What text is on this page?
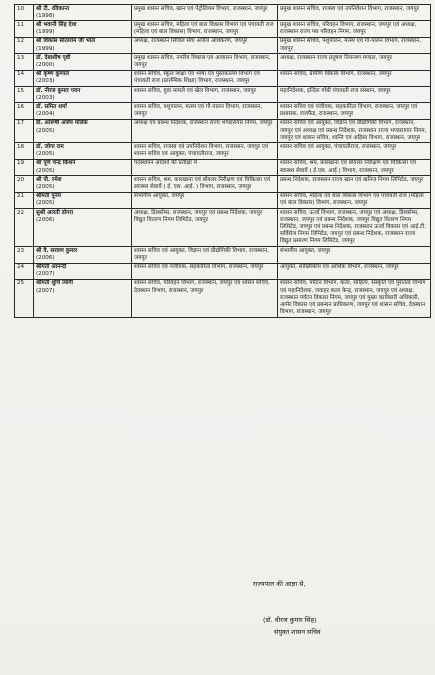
10	श्री टी. रविकान्त
(1998)	प्रमुख शासन सचिव, खान एवं पेट्रोलियम विभाग, राजस्थान, जयपुर	प्रमुख शासन सचिव, राजस्व एवं उपनिवेशन विभाग, राजस्थान, जयपुर
11	श्री भवानी सिंह देथा
(1999)	प्रमुख शासन सचिव, महिला एवं बाल विकास विभाग एवं पंचायती राज (महिला एवं बाल विकास) विभाग, राजस्थान, जयपुर	प्रमुख शासन सचिव, परिवहन विभाग, राजस्थान, जयपुर एवं अध्यक्ष, राजस्थान राज्य पथ परिवहन निगम, जयपुर
12	श्री विकास सीताराम जी भाले
(1999)	अध्यक्ष, राजस्थान सिविल सेवा अपील अधिकरण, जयपुर	प्रमुख शासन सचिव, पशुपालन, मत्स्य एवं गौ-पालन विभाग, राजस्थान, जयपुर
13	डॉ. देबाशीष पृष्टी
(2000)	प्रमुख शासन सचिव, नगरीय विकास एवं आवासन विभाग, राजस्थान, जयपुर	अध्यक्ष, राजस्थान राज्य प्रदूषण नियन्त्रण मण्डल, जयपुर
14	श्री कृष्ण कुणाल
(2003)	शासन सचिव, स्कूल शिक्षा एवं भाषा एवं पुस्तकालय विभाग एवं पंचायती राज (प्रारम्भिक शिक्षा) विभाग, राजस्थान, जयपुर	शासन सचिव, ग्रामीण विकास विभाग, राजस्थान, जयपुर
15	डॉ. नीरज कुमार पवन
(2003)	शासन सचिव, युवा मामले एवं खेल विभाग, राजस्थान, जयपुर	महानिदेशक, इन्दिरा गाँधी पंचायती राज संस्थान, जयपुर
16	डॉ. समित शर्मा
(2004)	शासन सचिव, पशुपालन, मत्स्य एवं गौ-पालन विभाग, राजस्थान, जयपुर	शासन सचिव एवं पंजीयक, सहकारिता विभाग, राजस्थान, जयपुर एवं प्रशासक, राजफैड, राजस्थान, जयपुर
17	डॉ. आरूषी अजेय मलिक
(2005)	अध्यक्ष एवं प्रबन्ध निदेशक, राजस्थान राज्य भण्डारागार निगम, जयपुर	शासन सचिव एवं आयुक्त, विज्ञान एवं प्रौद्योगिकी विभाग, राजस्थान, जयपुर एवं अध्यक्ष एवं प्रबन्ध निदेशक, राजस्थान राज्य भण्डारागार निगम, जयपुर एवं शासन सचिव, शान्ति एवं अहिंसा विभाग, राजस्थान, जयपुर
18	डॉ. जोगा राम
(2005)	शासन सचिव, राजस्व एवं उपनिवेशन विभाग, राजस्थान, जयपुर एवं शासन सचिव एवं आयुक्त, पंचायतीराज, जयपुर	शासन सचिव एवं आयुक्त, पंचायतीराज, राजस्थान, जयपुर
19	श्री पूर्ण चन्द्र किशन
(2005)	पदस्थापन आदेशों की प्रतीक्षा में	शासन सचिव, श्रम, कारखाना एवं बॉयलर निरीक्षण एवं चिकित्सा एवं स्वास्थ्य सेवायें ( ई.एस. आई.) विभाग, राजस्थान, जयपुर
20	श्री पी. रमेश
(2005)	शासन सचिव, श्रम, कारखाना एवं बॉयलर निरीक्षण एवं चिकित्सा एवं स्वास्थ्य सेवायें ( ई. एस. आई. ) विभाग, राजस्थान, जयपुर	प्रबन्ध निदेशक, राजस्थान राज्य खान एवं खनिज निगम लिमिटेड, जयपुर
21	श्रीमती पूनम
(2005)	संभागीय आयुक्त, जयपुर	शासन सचिव, महिला एवं बाल विकास विभाग एवं पंचायती राज (महिला एवं बाल विकास) विभाग, राजस्थान, जयपुर
22	सुश्री आरती डोगरा
(2006)	अध्यक्ष, डिस्कॉम्स, राजस्थान, जयपुर एवं प्रबन्ध निदेशक, जयपुर विद्युत वितरण निगम लिमिटेड, जयपुर	शासन सचिव, ऊर्जा विभाग, राजस्थान, जयपुर एवं अध्यक्ष, डिस्कॉम्स, राजस्थान, जयपुर एवं प्रबन्ध निदेशक, जयपुर विद्युत वितरण निगम लिमिटेड, जयपुर एवं प्रबन्ध निदेशक, राजस्थान ऊर्जा विकास एवं आई.टी. सर्विसेज निगम लिमिटेड, जयपुर एवं प्रबन्ध निदेशक, राजस्थान राज्य विद्युत प्रसारण निगम लिमिटेड, जयपुर
23	श्री वै. सरवण कुमार
(2006)	शासन सचिव एवं आयुक्त, विज्ञान एवं प्रौद्योगिकी विभाग, राजस्थान, जयपुर	संभागीय आयुक्त, जयपुर
24	श्रीमती आनन्दी
(2007)	शासन सचिव एवं पंजीयक, सहकारिता विभाग, राजस्थान, जयपुर	आयुक्त, सांख्यिकीय एवं आर्थिक विभाग, राजस्थान, जयपुर
25	श्रीमती शुचि त्यागी
(2007)	शासन सचिव, परिवहन विभाग, राजस्थान, जयपुर एवं शासन सचिव, देवस्थान विभाग, राजस्थान, जयपुर	शासन सचिव, पर्यटन विभाग, कला, साहित्य, संस्कृति एवं पुरातत्व विभाग एवं महानिदेशक, जवाहर कला केन्द्र, राजस्थान, जयपुर एवं अध्यक्ष, राजस्थान पर्यटन विकास निगम, जयपुर एवं मुख्य कार्यकारी अधिकारी, आमेर विकास एवं प्रबन्धन प्राधिकरण, जयपुर एवं शासन सचिव, देवस्थान विभाग, राजस्थान, जयपुर
राज्यपाल की आज्ञा से,
(डॉ. धीरज कुमार सिंह)
संयुक्त शासन सचिव
